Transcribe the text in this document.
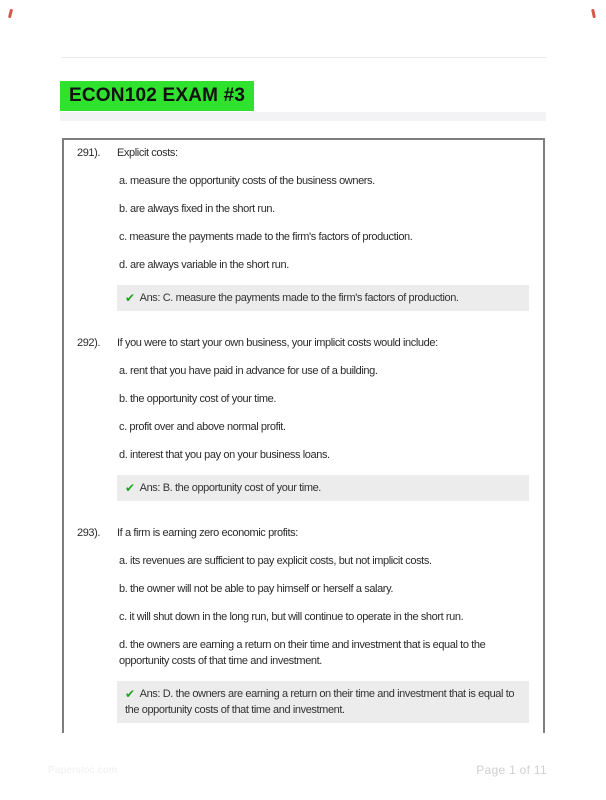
ECON102 EXAM #3
291).	Explicit costs:
a. measure the opportunity costs of the business owners.
b. are always fixed in the short run.
c. measure the payments made to the firm's factors of production.
d. are always variable in the short run.
✔ Ans: C. measure the payments made to the firm's factors of production.
292).	If you were to start your own business, your implicit costs would include:
a. rent that you have paid in advance for use of a building.
b. the opportunity cost of your time.
c. profit over and above normal profit.
d. interest that you pay on your business loans.
✔ Ans: B. the opportunity cost of your time.
293).	If a firm is earning zero economic profits:
a. its revenues are sufficient to pay explicit costs, but not implicit costs.
b. the owner will not be able to pay himself or herself a salary.
c. it will shut down in the long run, but will continue to operate in the short run.
d. the owners are earning a return on their time and investment that is equal to the opportunity costs of that time and investment.
✔ Ans: D. the owners are earning a return on their time and investment that is equal to the opportunity costs of that time and investment.
Paperstoc.com	Page 1 of 11
